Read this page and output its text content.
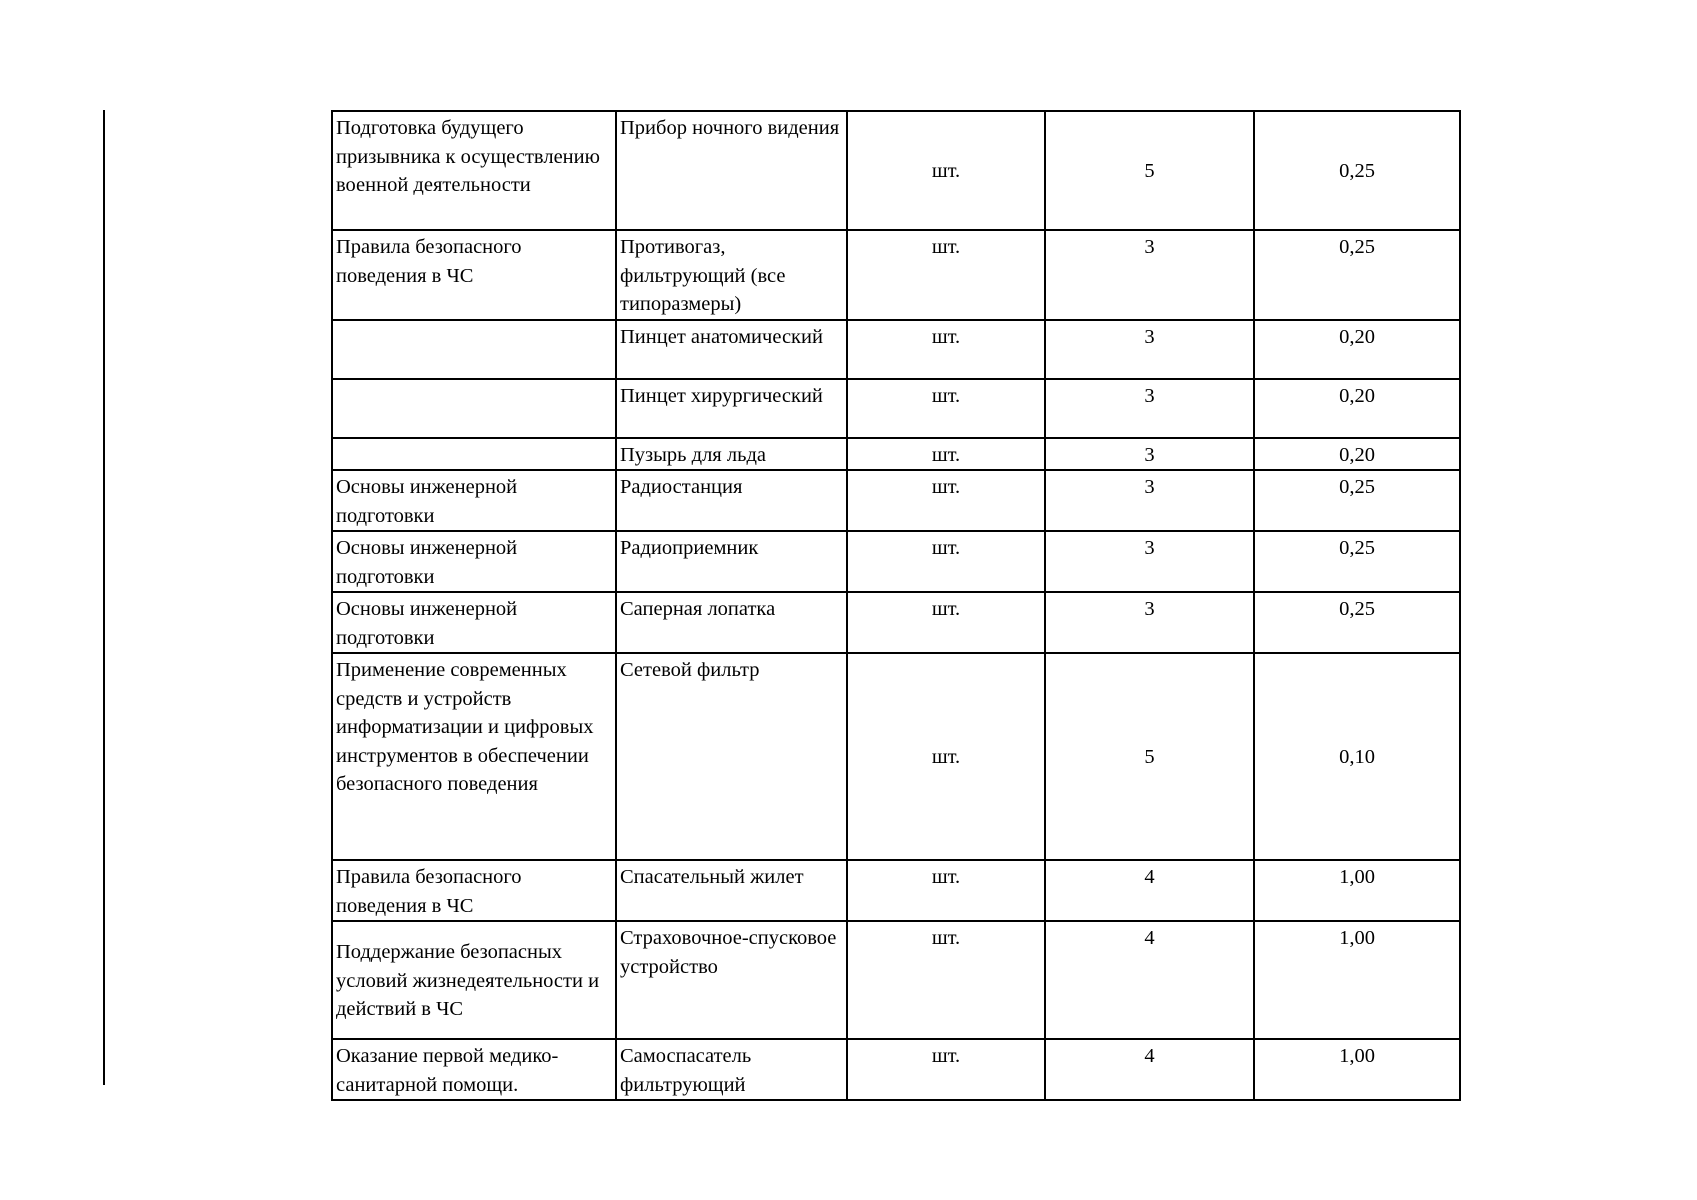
Подготовка будущего призывника к осуществлению военной деятельности	Прибор ночного видения	шт.	5	0,25
Правила безопасного поведения в ЧС	Противогаз, фильтрующий (все типоразмеры)	шт.	3	0,25
	Пинцет анатомический	шт.	3	0,20
	Пинцет хирургический	шт.	3	0,20
	Пузырь для льда	шт.	3	0,20
Основы инженерной подготовки	Радиостанция	шт.	3	0,25
Основы инженерной подготовки	Радиоприемник	шт.	3	0,25
Основы инженерной подготовки	Саперная лопатка	шт.	3	0,25
Применение современных средств и устройств информатизации и цифровых инструментов в обеспечении безопасного поведения	Сетевой фильтр	шт.	5	0,10
Правила безопасного поведения в ЧС	Спасательный жилет	шт.	4	1,00
Поддержание безопасных условий жизнедеятельности и действий в ЧС	Страховочное-спусковое устройство	шт.	4	1,00
Оказание первой медико-санитарной помощи.	Самоспасатель фильтрующий	шт.	4	1,00
